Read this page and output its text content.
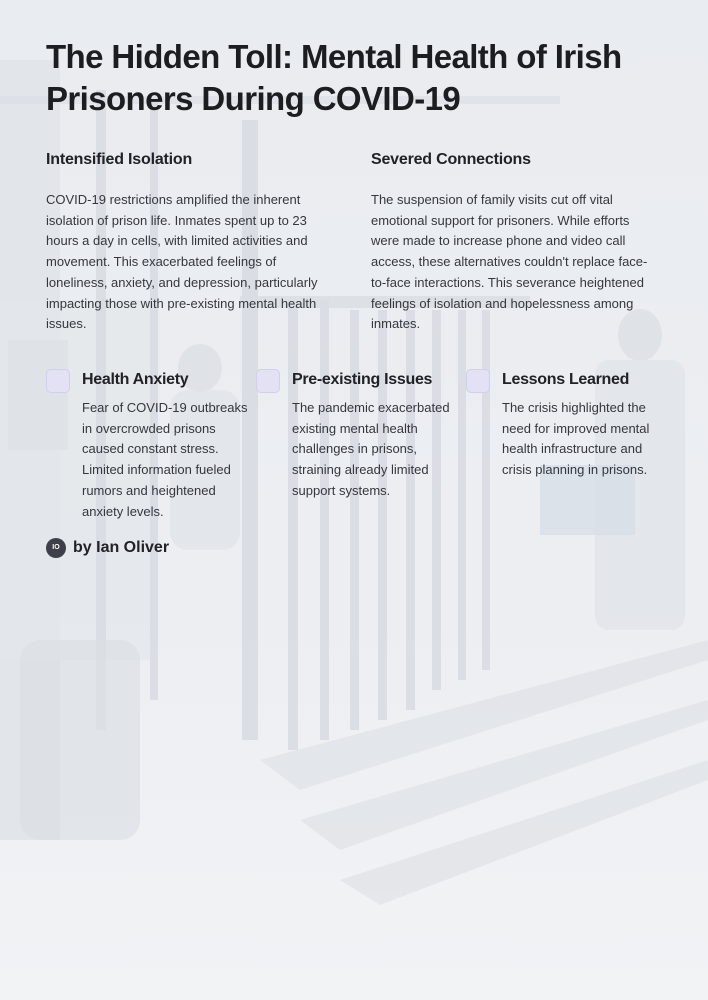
The Hidden Toll: Mental Health of Irish Prisoners During COVID-19
Intensified Isolation

COVID-19 restrictions amplified the inherent isolation of prison life. Inmates spent up to 23 hours a day in cells, with limited activities and movement. This exacerbated feelings of loneliness, anxiety, and depression, particularly impacting those with pre-existing mental health issues.

Severed Connections

The suspension of family visits cut off vital emotional support for prisoners. While efforts were made to increase phone and video call access, these alternatives couldn't replace face-to-face interactions. This severance heightened feelings of isolation and hopelessness among inmates.

Health Anxiety

Fear of COVID-19 outbreaks in overcrowded prisons caused constant stress. Limited information fueled rumors and heightened anxiety levels.

Pre-existing Issues

The pandemic exacerbated existing mental health challenges in prisons, straining already limited support systems.

Lessons Learned

The crisis highlighted the need for improved mental health infrastructure and crisis planning in prisons.

IO by Ian Oliver
